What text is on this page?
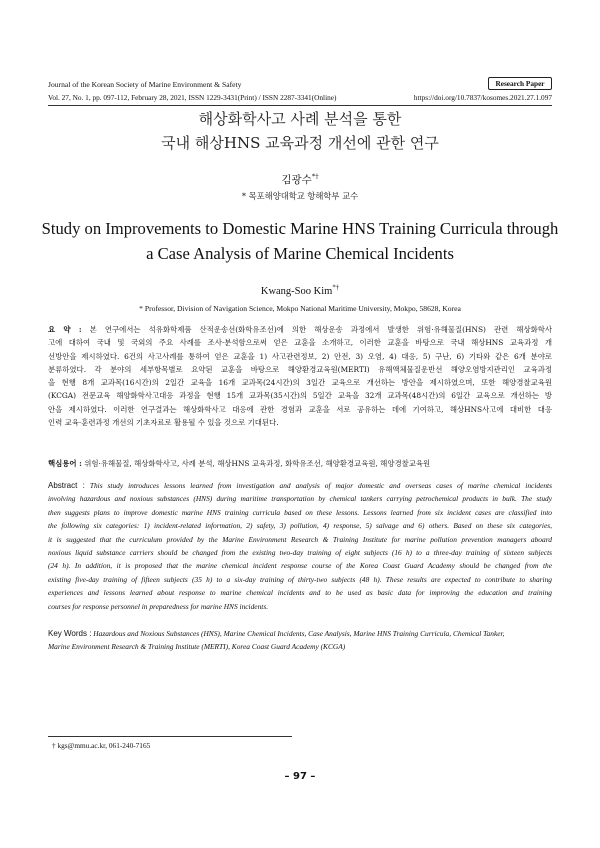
Journal of the Korean Society of Marine Environment & Safety
Vol. 27, No. 1, pp. 097-112, February 28, 2021, ISSN 1229-3431(Print) / ISSN 2287-3341(Online)	https://doi.org/10.7837/kosomes.2021.27.1.097
Research Paper
해상화학사고 사례 분석을 통한
국내 해상HNS 교육과정 개선에 관한 연구
김광수*†
* 목포해양대학교 항해학부 교수
Study on Improvements to Domestic Marine HNS Training Curricula through
a Case Analysis of Marine Chemical Incidents
Kwang-Soo Kim*†
* Professor, Division of Navigation Science, Mokpo National Maritime University, Mokpo, 58628, Korea
요 약 : 본 연구에서는 석유화학제품 산적운송선(화학유조선)에 의한 해상운송 과정에서 발생한 위험·유해물질(HNS) 관련 해상화학사
고에 대하여 국내 및 국외의 주요 사례를 조사·분석함으로써 얻은 교훈을 소개하고, 이러한 교훈을 바탕으로 국내 해상HNS 교육과정 개
선방안을 제시하였다. 6건의 사고사례를 통하여 얻은 교훈을 1) 사고관련정보, 2) 안전, 3) 오염, 4) 대응, 5) 구난, 6) 기타와 같은 6개 분야로
분류하였다. 각 분야의 세부항목별로 요약된 교훈을 바탕으로 해양환경교육원(MERTI) 유해액체물질운반선 해양오염방지관리인 교육과정
을 현행 8개 교과목(16시간)의 2일간 교육을 16개 교과목(24시간)의 3일간 교육으로 개선하는 방안을 제시하였으며, 또한 해양경찰교육원
(KCGA) 전문교육 해양화학사고대응 과정을 현행 15개 교과목(35시간)의 5일간 교육을 32개 교과목(48시간)의 6일간 교육으로 개선하는 방
안을 제시하였다. 이러한 연구결과는 해상화학사고 대응에 관한 경험과 교훈을 서로 공유하는 데에 기여하고, 해상HNS사고에 대비한 대응
인력 교육·훈련과정 개선의 기초자료로 활용될 수 있을 것으로 기대된다.
핵심용어 : 위험·유해물질, 해상화학사고, 사례 분석, 해상HNS 교육과정, 화학유조선, 해양환경교육원, 해양경찰교육원
Abstract : This study introduces lessons learned from investigation and analysis of major domestic and overseas cases of marine chemical incidents
involving hazardous and noxious substances (HNS) during maritime transportation by chemical tankers carrying petrochemical products in bulk. The study
then suggests plans to improve domestic marine HNS training curricula based on these lessons. Lessons learned from six incident cases are classified into
the following six categories: 1) incident-related information, 2) safety, 3) pollution, 4) response, 5) salvage and 6) others. Based on these six categories,
it is suggested that the curriculum provided by the Marine Environment Research & Training Institute for marine pollution prevention managers aboard
noxious liquid substance carriers should be changed from the existing two-day training of eight subjects (16 h) to a three-day training of sixteen subjects
(24 h). In addition, it is proposed that the marine chemical incident response course of the Korea Coast Guard Academy should be changed from the
existing five-day training of fifteen subjects (35 h) to a six-day training of thirty-two subjects (48 h). These results are expected to contribute to sharing
experiences and lessons learned about response to marine chemical incidents and to be used as basic data for improving the education and training
courses for response personnel in preparedness for marine HNS incidents.
Key Words : Hazardous and Noxious Substances (HNS), Marine Chemical Incidents, Case Analysis, Marine HNS Training Curricula, Chemical Tanker,
Marine Environment Research & Training Institute (MERTI), Korea Coast Guard Academy (KCGA)
† kgs@mmu.ac.kr, 061-240-7165
– 97 –
